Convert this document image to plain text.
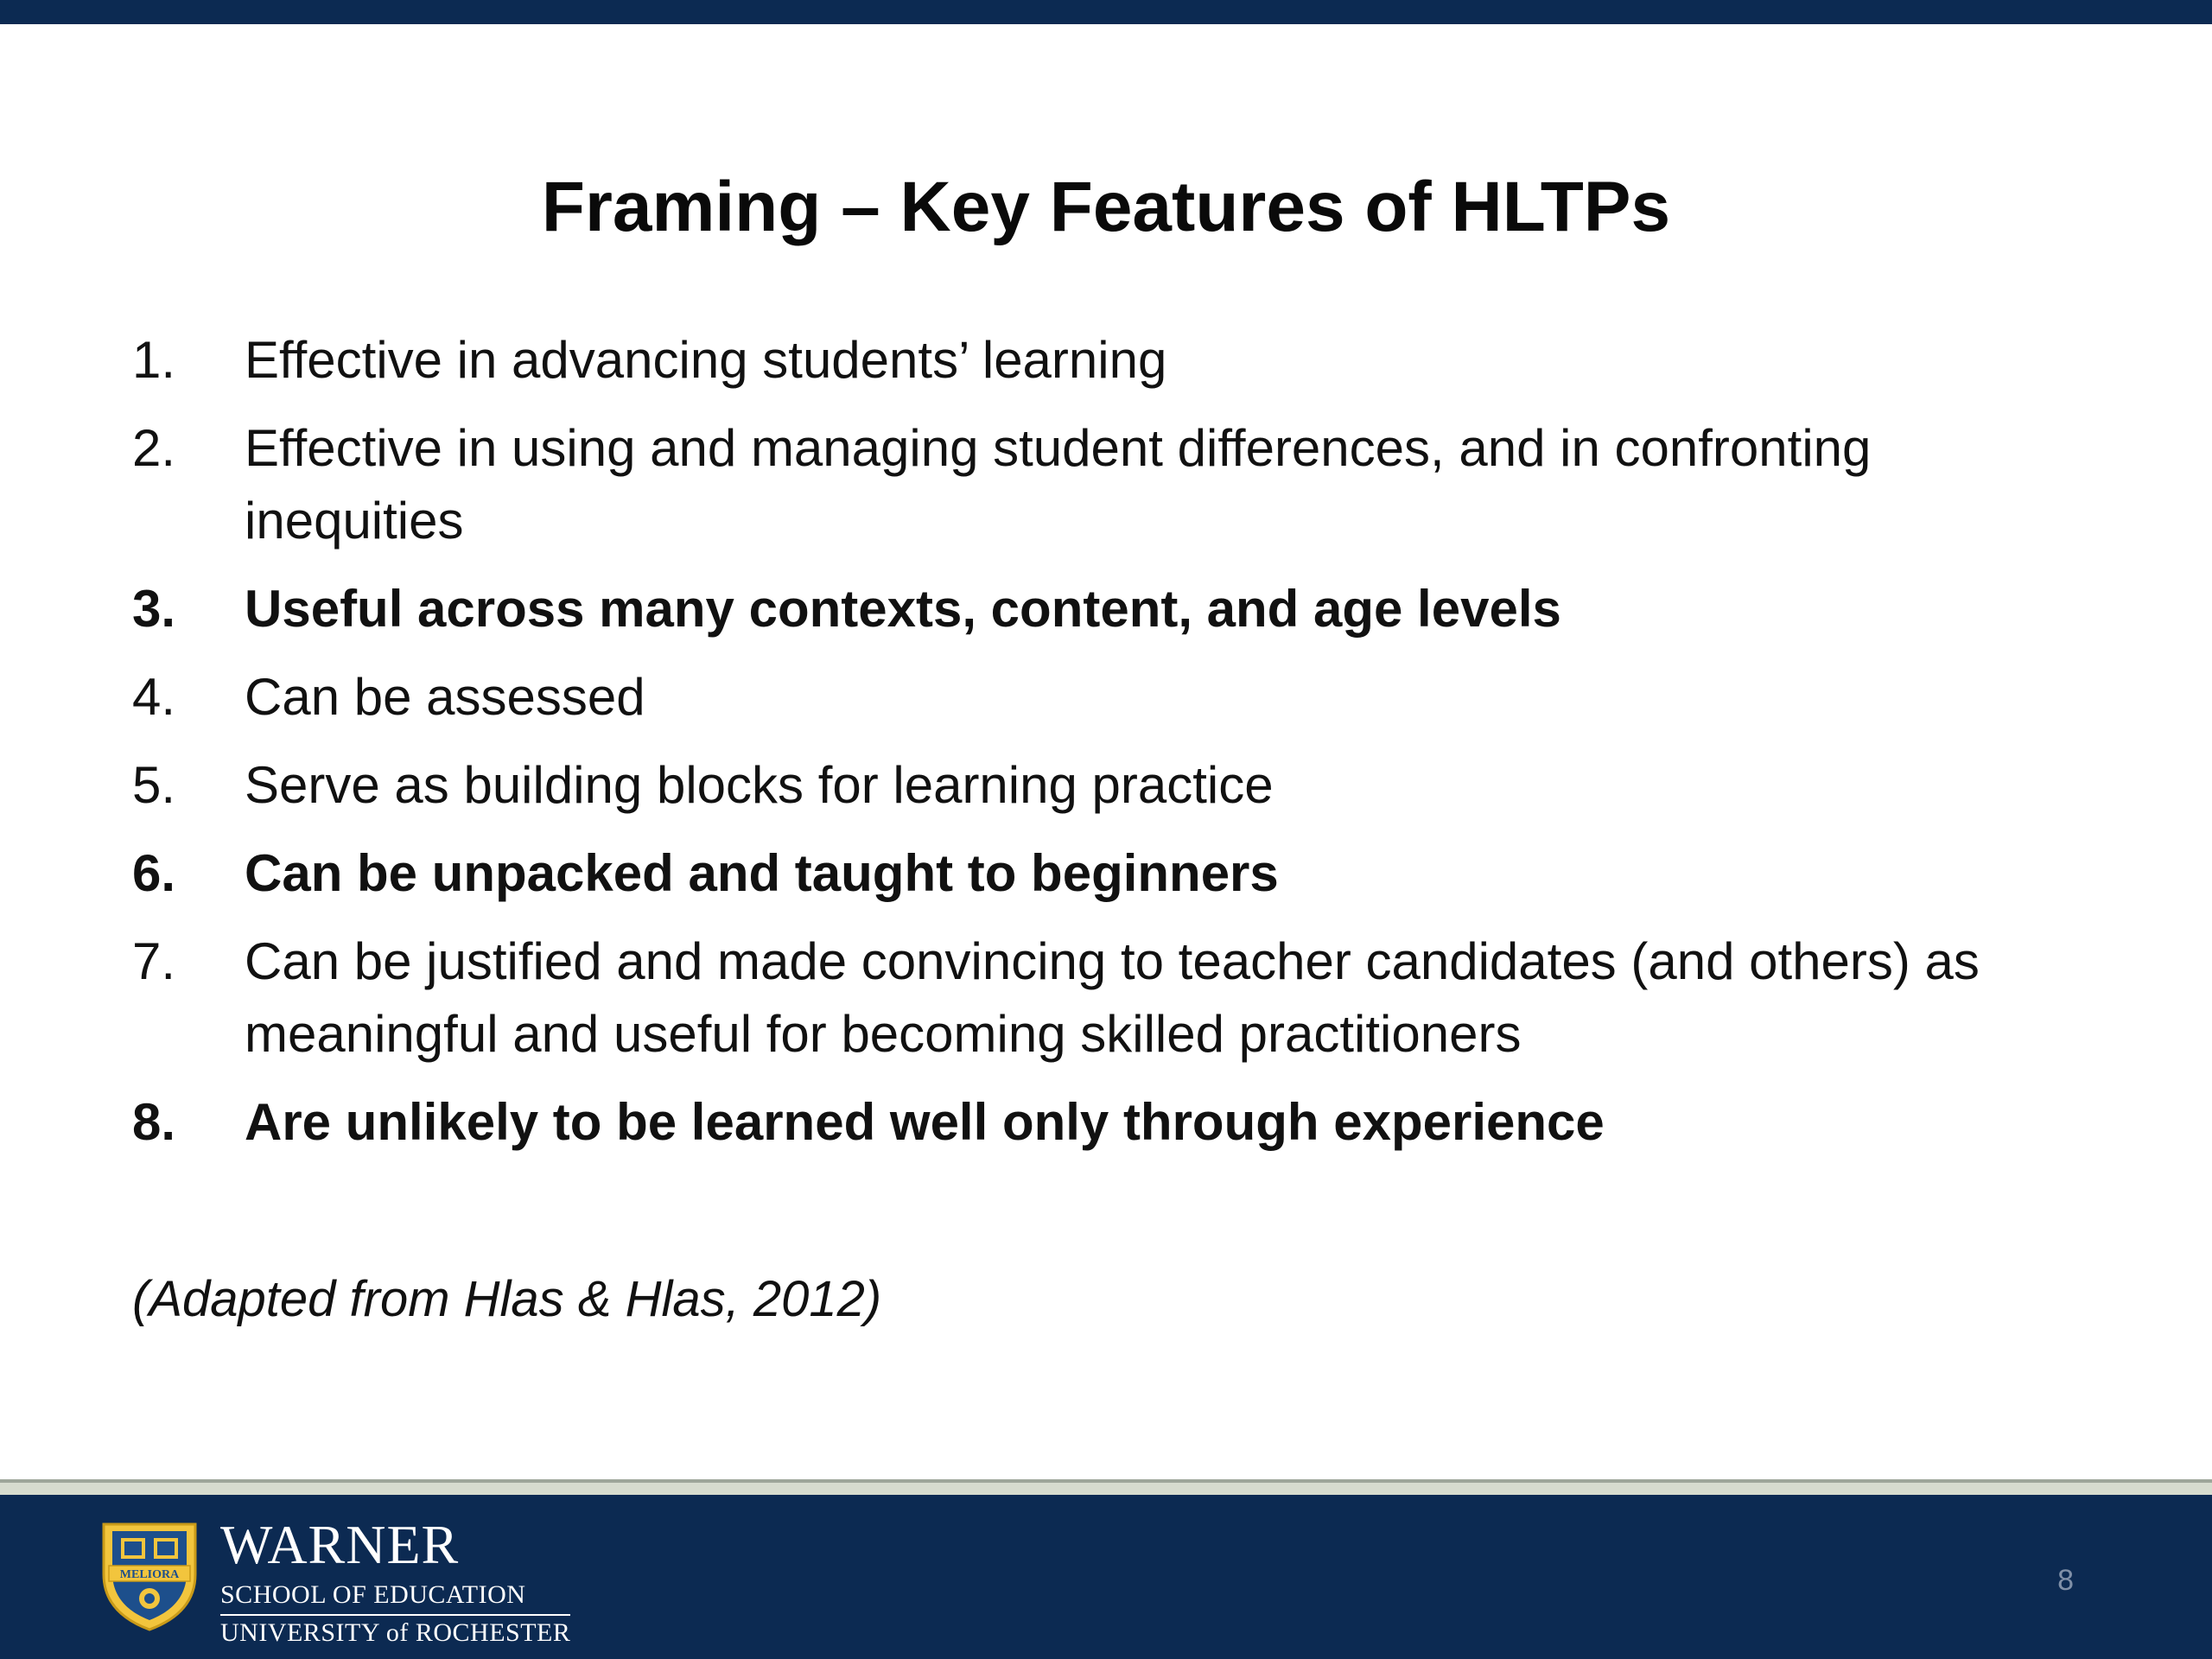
Framing – Key Features of HLTPs
1. Effective in advancing students’ learning
2. Effective in using and managing student differences, and in confronting inequities
3. Useful across many contexts, content, and age levels
4. Can be assessed
5. Serve as building blocks for learning practice
6. Can be unpacked and taught to beginners
7. Can be justified and made convincing to teacher candidates (and others) as meaningful and useful for becoming skilled practitioners
8. Are unlikely to be learned well only through experience

(Adapted from Hlas & Hlas, 2012)

MELIORA WARNER
SCHOOL OF EDUCATION
UNIVERSITY of ROCHESTER
8
